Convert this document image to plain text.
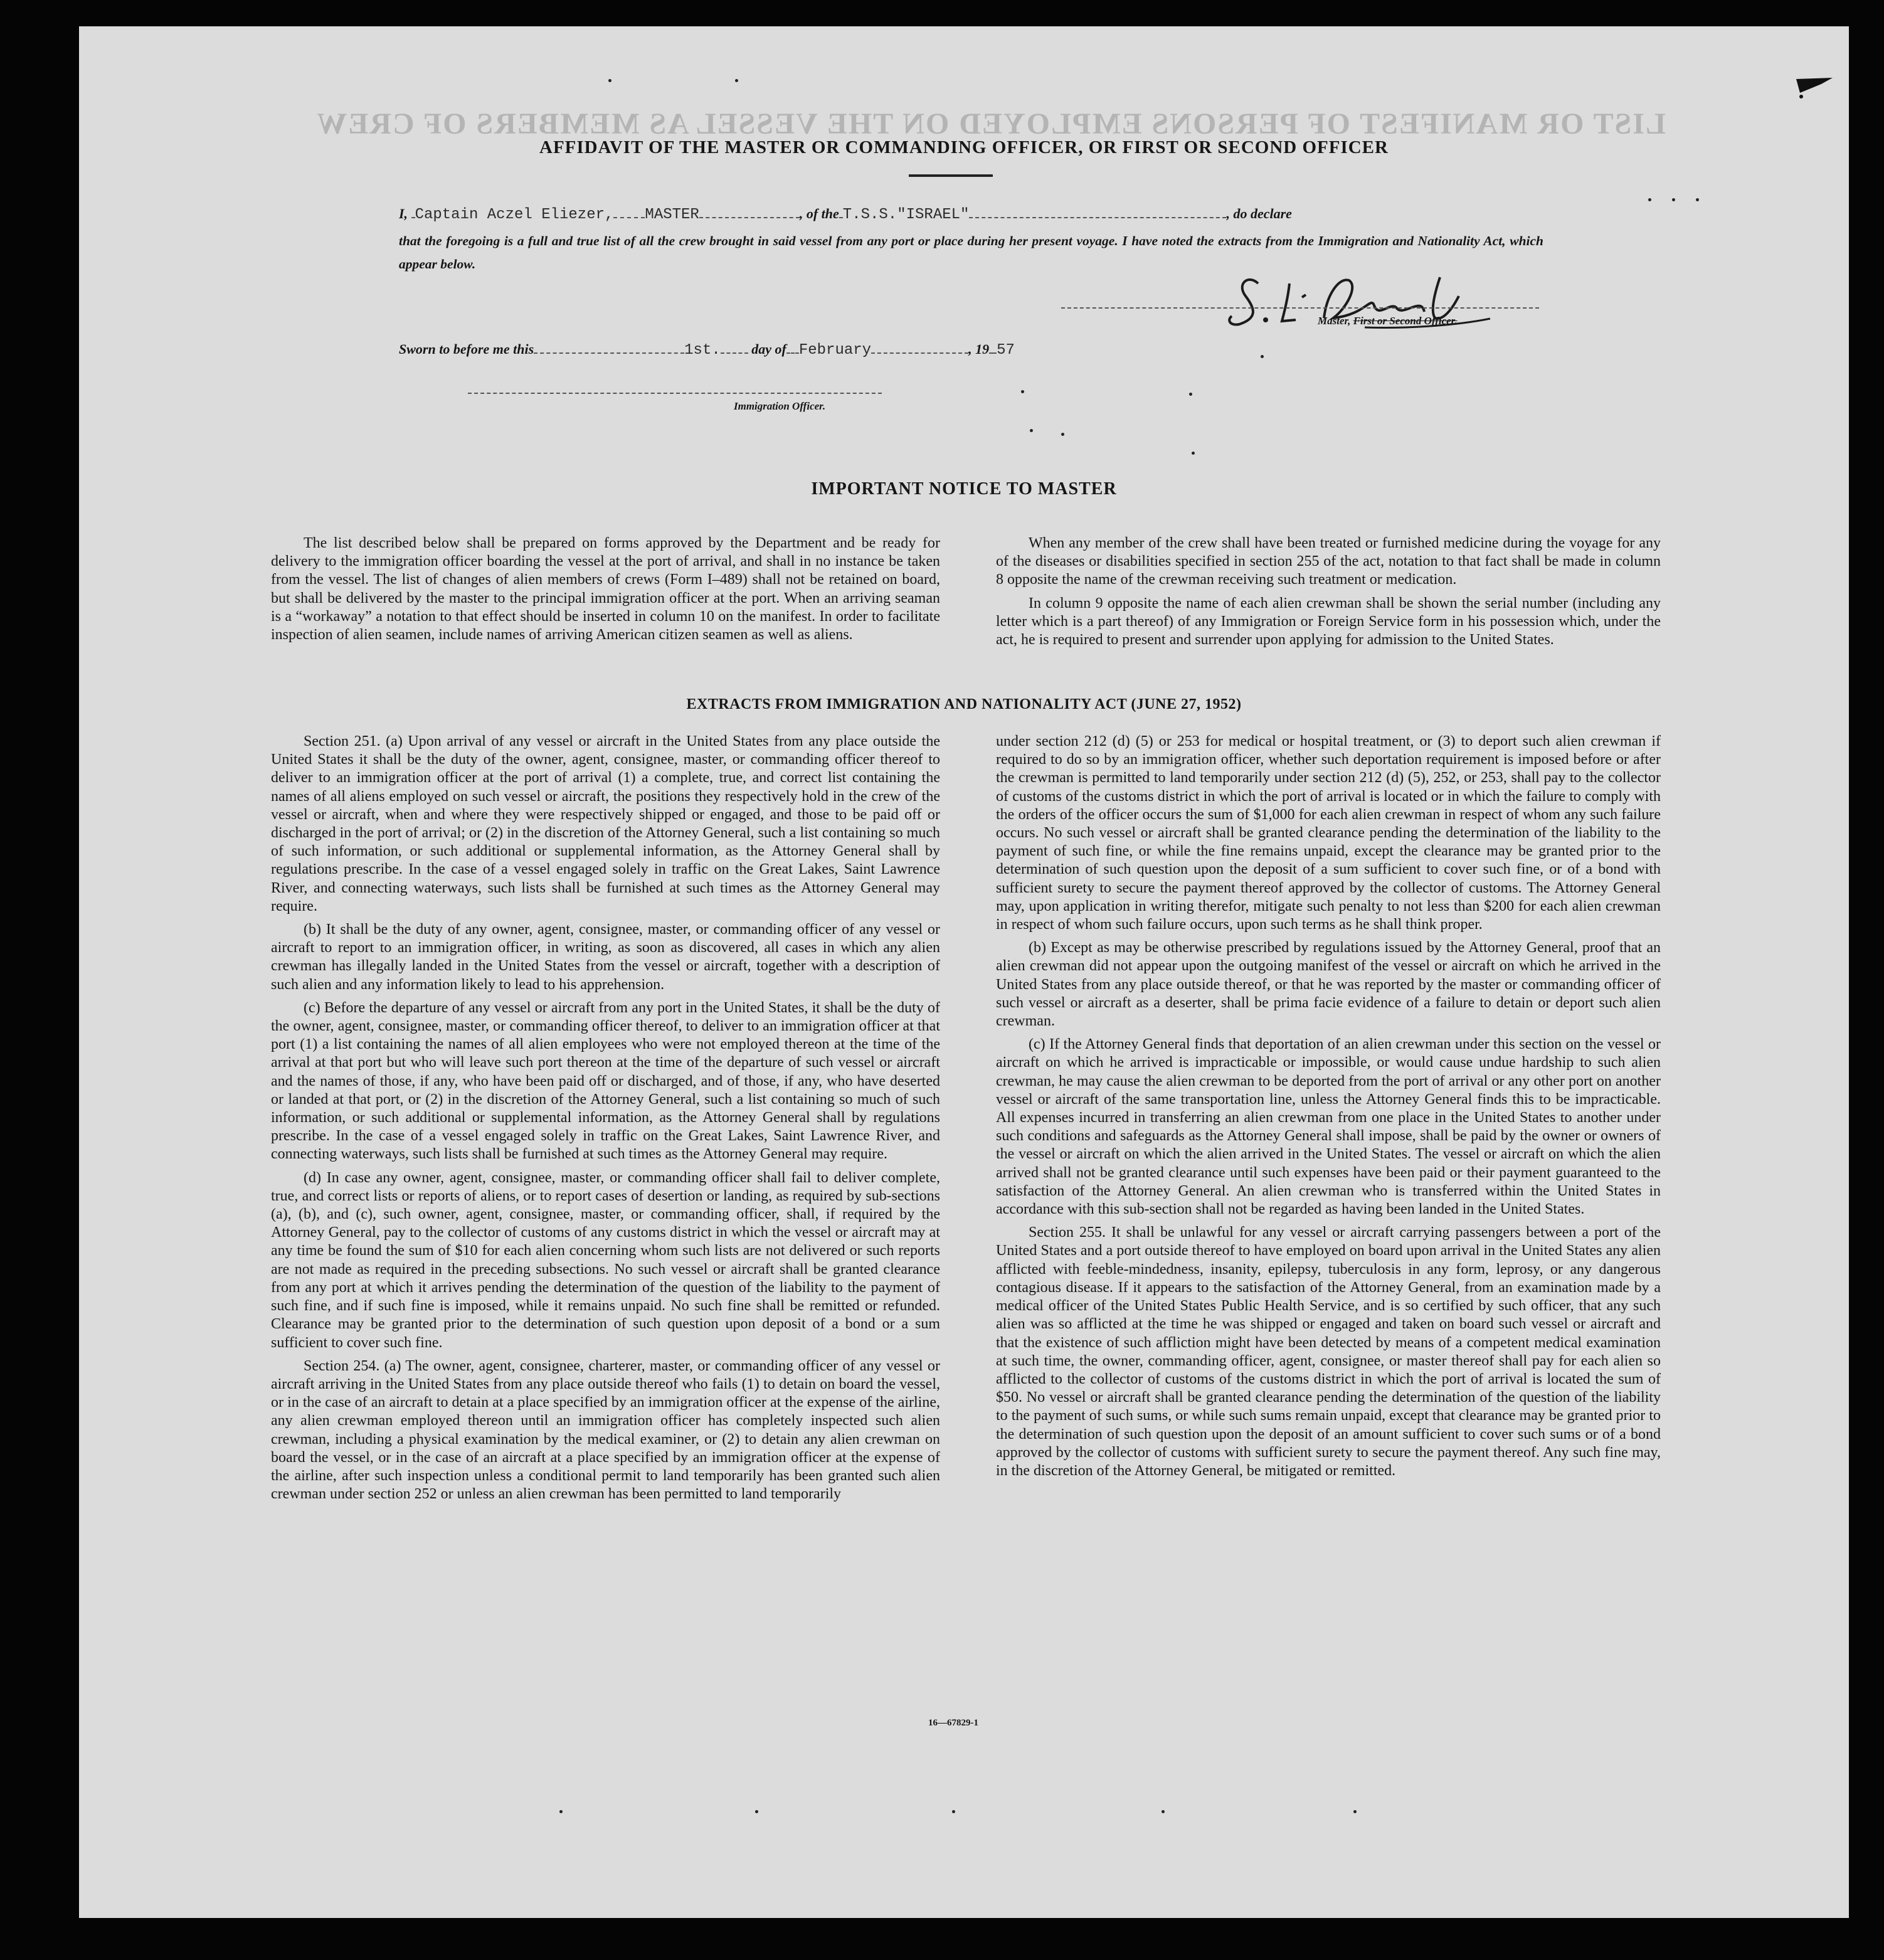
LIST OR MANIFEST OF PERSONS EMPLOYED ON THE VESSEL AS MEMBERS OF CREW
AFFIDAVIT OF THE MASTER OR COMMANDING OFFICER, OR FIRST OR SECOND OFFICER
I, Captain Aczel Eliezer, MASTER	, of the T.S.S."ISRAEL"	, do declare
that the foregoing is a full and true list of all the crew brought in said vessel from any port or place during her present voyage. I have noted the extracts from the Immigration and Nationality Act, which appear below.
Master, First or Second Officer.
Sworn to before me this	1st. day of February	, 19 57
Immigration Officer.
IMPORTANT NOTICE TO MASTER

The list described below shall be prepared on forms approved by the Department and be ready for delivery to the immigration officer boarding the vessel at the port of arrival, and shall in no instance be taken from the vessel. The list of changes of alien members of crews (Form I–489) shall not be retained on board, but shall be delivered by the master to the principal immigration officer at the port. When an arriving seaman is a “workaway” a notation to that effect should be inserted in column 10 on the manifest. In order to facilitate inspection of alien seamen, include names of arriving American citizen seamen as well as aliens.

When any member of the crew shall have been treated or furnished medicine during the voyage for any of the diseases or disabilities specified in section 255 of the act, notation to that fact shall be made in column 8 opposite the name of the crewman receiving such treatment or medication.

In column 9 opposite the name of each alien crewman shall be shown the serial number (including any letter which is a part thereof) of any Immigration or Foreign Service form in his possession which, under the act, he is required to present and surrender upon applying for admission to the United States.

EXTRACTS FROM IMMIGRATION AND NATIONALITY ACT (JUNE 27, 1952)

Section 251. (a) Upon arrival of any vessel or aircraft in the United States from any place outside the United States it shall be the duty of the owner, agent, consignee, master, or commanding officer thereof to deliver to an immigration officer at the port of arrival (1) a complete, true, and correct list containing the names of all aliens employed on such vessel or aircraft, the positions they respectively hold in the crew of the vessel or aircraft, when and where they were respectively shipped or engaged, and those to be paid off or discharged in the port of arrival; or (2) in the discretion of the Attorney General, such a list containing so much of such information, or such additional or supplemental information, as the Attorney General shall by regulations prescribe. In the case of a vessel engaged solely in traffic on the Great Lakes, Saint Lawrence River, and connecting waterways, such lists shall be furnished at such times as the Attorney General may require.

(b) It shall be the duty of any owner, agent, consignee, master, or commanding officer of any vessel or aircraft to report to an immigration officer, in writing, as soon as discovered, all cases in which any alien crewman has illegally landed in the United States from the vessel or aircraft, together with a description of such alien and any information likely to lead to his apprehension.

(c) Before the departure of any vessel or aircraft from any port in the United States, it shall be the duty of the owner, agent, consignee, master, or commanding officer thereof, to deliver to an immigration officer at that port (1) a list containing the names of all alien employees who were not employed thereon at the time of the arrival at that port but who will leave such port thereon at the time of the departure of such vessel or aircraft and the names of those, if any, who have been paid off or discharged, and of those, if any, who have deserted or landed at that port, or (2) in the discretion of the Attorney General, such a list containing so much of such information, or such additional or supplemental information, as the Attorney General shall by regulations prescribe. In the case of a vessel engaged solely in traffic on the Great Lakes, Saint Lawrence River, and connecting waterways, such lists shall be furnished at such times as the Attorney General may require.

(d) In case any owner, agent, consignee, master, or commanding officer shall fail to deliver complete, true, and correct lists or reports of aliens, or to report cases of desertion or landing, as required by sub-sections (a), (b), and (c), such owner, agent, consignee, master, or commanding officer, shall, if required by the Attorney General, pay to the collector of customs of any customs district in which the vessel or aircraft may at any time be found the sum of $10 for each alien concerning whom such lists are not delivered or such reports are not made as required in the preceding subsections. No such vessel or aircraft shall be granted clearance from any port at which it arrives pending the determination of the question of the liability to the payment of such fine, and if such fine is imposed, while it remains unpaid. No such fine shall be remitted or refunded. Clearance may be granted prior to the determination of such question upon deposit of a bond or a sum sufficient to cover such fine.

Section 254. (a) The owner, agent, consignee, charterer, master, or commanding officer of any vessel or aircraft arriving in the United States from any place outside thereof who fails (1) to detain on board the vessel, or in the case of an aircraft to detain at a place specified by an immigration officer at the expense of the airline, any alien crewman employed thereon until an immigration officer has completely inspected such alien crewman, including a physical examination by the medical examiner, or (2) to detain any alien crewman on board the vessel, or in the case of an aircraft at a place specified by an immigration officer at the expense of the airline, after such inspection unless a conditional permit to land temporarily has been granted such alien crewman under section 252 or unless an alien crewman has been permitted to land temporarily

under section 212 (d) (5) or 253 for medical or hospital treatment, or (3) to deport such alien crewman if required to do so by an immigration officer, whether such deportation requirement is imposed before or after the crewman is permitted to land temporarily under section 212 (d) (5), 252, or 253, shall pay to the collector of customs of the customs district in which the port of arrival is located or in which the failure to comply with the orders of the officer occurs the sum of $1,000 for each alien crewman in respect of whom any such failure occurs. No such vessel or aircraft shall be granted clearance pending the determination of the liability to the payment of such fine, or while the fine remains unpaid, except the clearance may be granted prior to the determination of such question upon the deposit of a sum sufficient to cover such fine, or of a bond with sufficient surety to secure the payment thereof approved by the collector of customs. The Attorney General may, upon application in writing therefor, mitigate such penalty to not less than $200 for each alien crewman in respect of whom such failure occurs, upon such terms as he shall think proper.

(b) Except as may be otherwise prescribed by regulations issued by the Attorney General, proof that an alien crewman did not appear upon the outgoing manifest of the vessel or aircraft on which he arrived in the United States from any place outside thereof, or that he was reported by the master or commanding officer of such vessel or aircraft as a deserter, shall be prima facie evidence of a failure to detain or deport such alien crewman.

(c) If the Attorney General finds that deportation of an alien crewman under this section on the vessel or aircraft on which he arrived is impracticable or impossible, or would cause undue hardship to such alien crewman, he may cause the alien crewman to be deported from the port of arrival or any other port on another vessel or aircraft of the same transportation line, unless the Attorney General finds this to be impracticable. All expenses incurred in transferring an alien crewman from one place in the United States to another under such conditions and safeguards as the Attorney General shall impose, shall be paid by the owner or owners of the vessel or aircraft on which the alien arrived in the United States. The vessel or aircraft on which the alien arrived shall not be granted clearance until such expenses have been paid or their payment guaranteed to the satisfaction of the Attorney General. An alien crewman who is transferred within the United States in accordance with this sub-section shall not be regarded as having been landed in the United States.

Section 255. It shall be unlawful for any vessel or aircraft carrying passengers between a port of the United States and a port outside thereof to have employed on board upon arrival in the United States any alien afflicted with feeble-mindedness, insanity, epilepsy, tuberculosis in any form, leprosy, or any dangerous contagious disease. If it appears to the satisfaction of the Attorney General, from an examination made by a medical officer of the United States Public Health Service, and is so certified by such officer, that any such alien was so afflicted at the time he was shipped or engaged and taken on board such vessel or aircraft and that the existence of such affliction might have been detected by means of a competent medical examination at such time, the owner, commanding officer, agent, consignee, or master thereof shall pay for each alien so afflicted to the collector of customs of the customs district in which the port of arrival is located the sum of $50. No vessel or aircraft shall be granted clearance pending the determination of the question of the liability to the payment of such sums, or while such sums remain unpaid, except that clearance may be granted prior to the determination of such question upon the deposit of an amount sufficient to cover such sums or of a bond approved by the collector of customs with sufficient surety to secure the payment thereof. Any such fine may, in the discretion of the Attorney General, be mitigated or remitted.

16—67829-1
